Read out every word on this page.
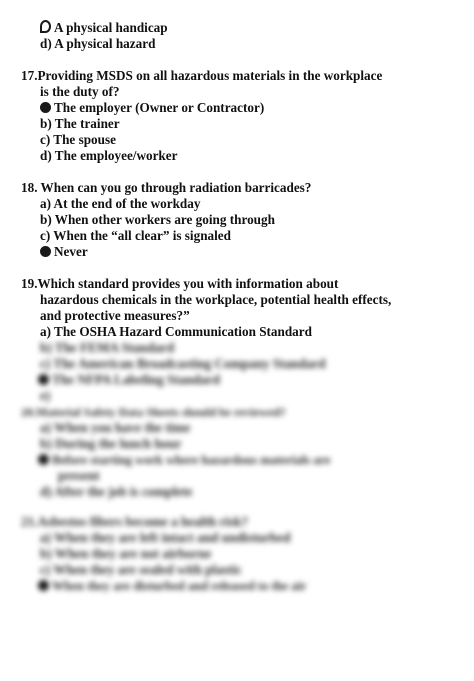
A physical handicap
d) A physical hazard
17.Providing MSDS on all hazardous materials in the workplace
is the duty of?
The employer (Owner or Contractor)
b) The trainer
c) The spouse
d) The employee/worker
18. When can you go through radiation barricades?
a) At the end of the workday
b) When other workers are going through
c) When the “all clear” is signaled
Never
19.Which standard provides you with information about
hazardous chemicals in the workplace, potential health effects,
and protective measures?”
a) The OSHA Hazard Communication Standard
b) The FEMA Standard
c) The American Broadcasting Company Standard
The NFPA Labeling Standard
e)
20.Material Safety Data Sheets should be reviewed?
a) When you have the time
b) During the lunch hour
Before starting work where hazardous materials are
present
d) After the job is complete
21.Asbestos fibers become a health risk?
a) When they are left intact and undisturbed
b) When they are not airborne
c) When they are sealed with plastic
When they are disturbed and released to the air
